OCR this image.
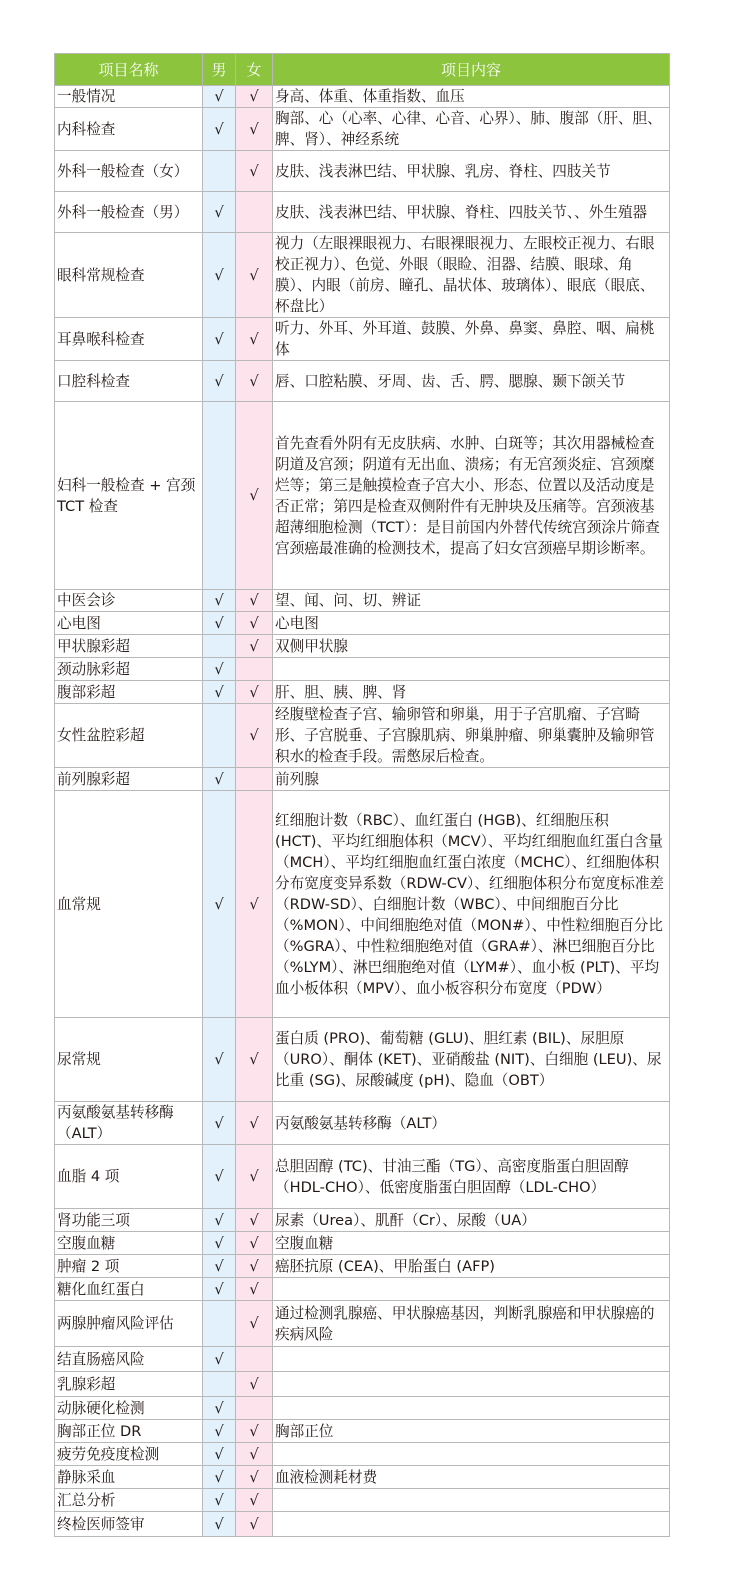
项目名称	男	女	项目内容
一般情况	√	√	身高、体重、体重指数、血压
内科检查	√	√	胸部、心（心率、心律、心音、心界）、肺、腹部（肝、胆、脾、肾）、神经系统
外科一般检查（女）		√	皮肤、浅表淋巴结、甲状腺、乳房、脊柱、四肢关节
外科一般检查（男）	√		皮肤、浅表淋巴结、甲状腺、脊柱、四肢关节、、外生殖器
眼科常规检查	√	√	视力（左眼裸眼视力、右眼裸眼视力、左眼校正视力、右眼校正视力）、色觉、外眼（眼睑、泪器、结膜、眼球、角膜）、内眼（前房、瞳孔、晶状体、玻璃体）、眼底（眼底、杯盘比）
耳鼻喉科检查	√	√	听力、外耳、外耳道、鼓膜、外鼻、鼻窦、鼻腔、咽、扁桃体
口腔科检查	√	√	唇、口腔粘膜、牙周、齿、舌、腭、腮腺、颞下颌关节
妇科一般检查 + 宫颈 TCT 检查		√	首先查看外阴有无皮肤病、水肿、白斑等；其次用器械检查阴道及宫颈；阴道有无出血、溃疡；有无宫颈炎症、宫颈糜烂等；第三是触摸检查子宫大小、形态、位置以及活动度是否正常；第四是检查双侧附件有无肿块及压痛等。宫颈液基超薄细胞检测（TCT）：是目前国内外替代传统宫颈涂片筛查宫颈癌最准确的检测技术，提高了妇女宫颈癌早期诊断率。
中医会诊	√	√	望、闻、问、切、辨证
心电图	√	√	心电图
甲状腺彩超		√	双侧甲状腺
颈动脉彩超	√		
腹部彩超	√	√	肝、胆、胰、脾、肾
女性盆腔彩超		√	经腹壁检查子宫、输卵管和卵巢，用于子宫肌瘤、子宫畸形、子宫脱垂、子宫腺肌病、卵巢肿瘤、卵巢囊肿及输卵管积水的检查手段。需憋尿后检查。
前列腺彩超	√		前列腺
血常规	√	√	红细胞计数（RBC）、血红蛋白 (HGB)、红细胞压积 (HCT)、平均红细胞体积（MCV）、平均红细胞血红蛋白含量（MCH）、平均红细胞血红蛋白浓度（MCHC）、红细胞体积分布宽度变异系数（RDW-CV）、红细胞体积分布宽度标准差（RDW-SD）、白细胞计数（WBC）、中间细胞百分比（%MON）、中间细胞绝对值（MON#）、中性粒细胞百分比（%GRA）、中性粒细胞绝对值（GRA#）、淋巴细胞百分比（%LYM）、淋巴细胞绝对值（LYM#）、血小板 (PLT)、平均血小板体积（MPV）、血小板容积分布宽度（PDW）
尿常规	√	√	蛋白质 (PRO)、葡萄糖 (GLU)、胆红素 (BIL)、尿胆原（URO）、酮体 (KET)、亚硝酸盐 (NIT)、白细胞 (LEU)、尿比重 (SG)、尿酸碱度 (pH)、隐血（OBT）
丙氨酸氨基转移酶（ALT）	√	√	丙氨酸氨基转移酶（ALT）
血脂 4 项	√	√	总胆固醇 (TC)、甘油三酯（TG）、高密度脂蛋白胆固醇（HDL-CHO）、低密度脂蛋白胆固醇（LDL-CHO）
肾功能三项	√	√	尿素（Urea）、肌酐（Cr）、尿酸（UA）
空腹血糖	√	√	空腹血糖
肿瘤 2 项	√	√	癌胚抗原 (CEA)、甲胎蛋白 (AFP)
糖化血红蛋白	√	√	
两腺肿瘤风险评估		√	通过检测乳腺癌、甲状腺癌基因，判断乳腺癌和甲状腺癌的疾病风险
结直肠癌风险	√		
乳腺彩超		√	
动脉硬化检测	√		
胸部正位 DR	√	√	胸部正位
疲劳免疫度检测	√	√	
静脉采血	√	√	血液检测耗材费
汇总分析	√	√	
终检医师签审	√	√	
